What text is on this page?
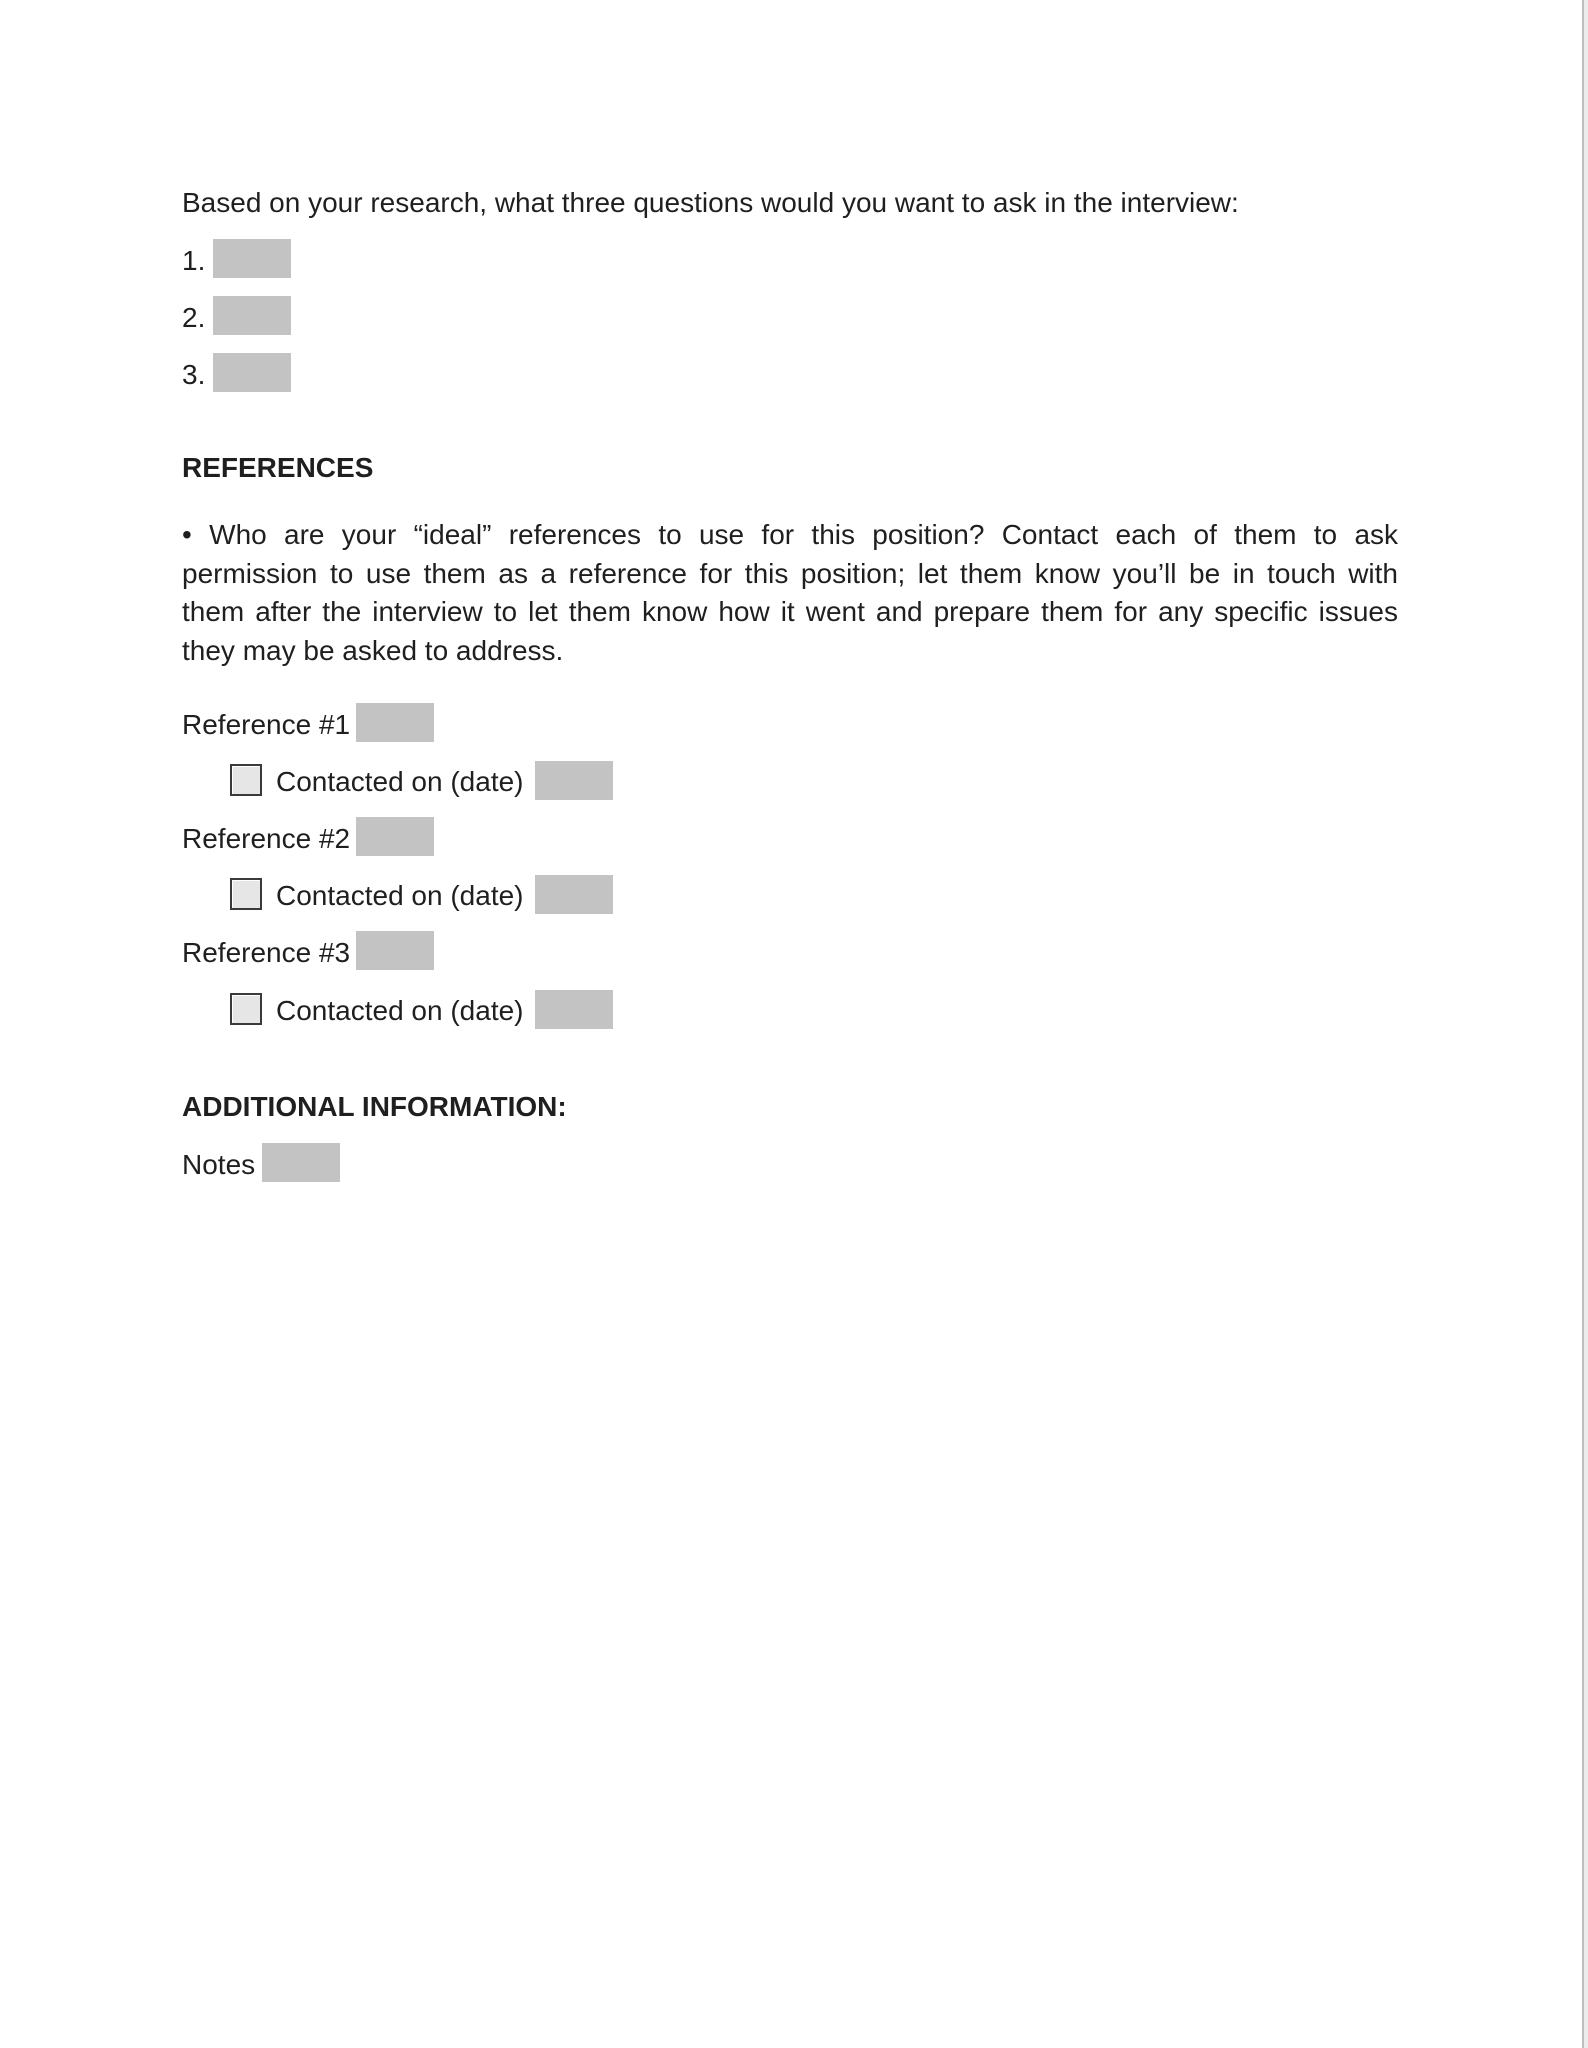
Based on your research, what three questions would you want to ask in the interview:
1.
2.
3.
REFERENCES
• Who are your “ideal” references to use for this position? Contact each of them to ask
permission to use them as a reference for this position; let them know you’ll be in touch with
them after the interview to let them know how it went and prepare them for any specific issues
they may be asked to address.
Reference #1
Contacted on (date)
Reference #2
Contacted on (date)
Reference #3
Contacted on (date)
ADDITIONAL INFORMATION:
Notes
